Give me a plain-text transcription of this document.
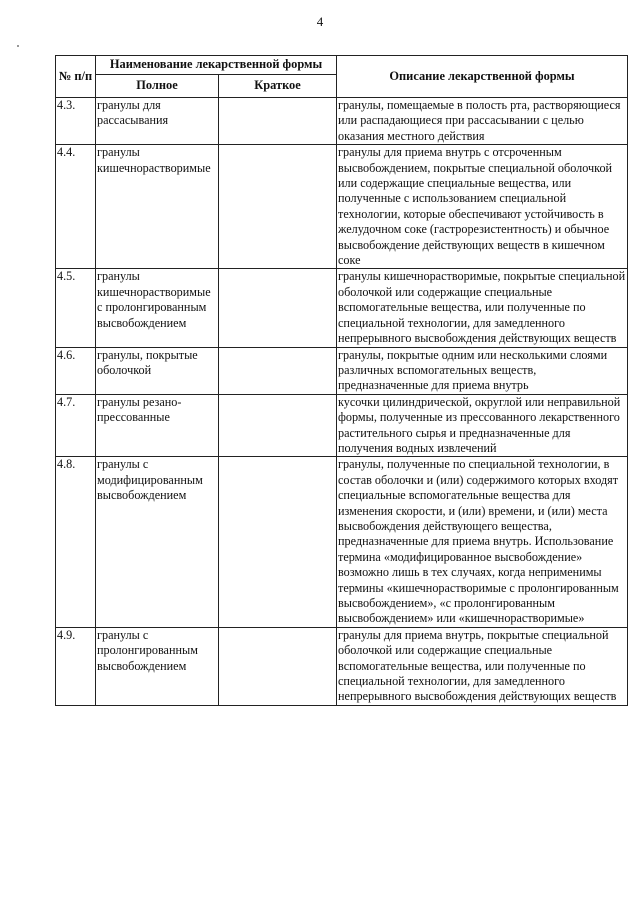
4
№ п/п	Наименование лекарственной формы		Описание лекарственной формы
	Полное	Краткое	
4.3.	гранулы для рассасывания		гранулы, помещаемые в полость рта, растворяющиеся или распадающиеся при рассасывании с целью оказания местного действия
4.4.	гранулы кишечнорастворимые		гранулы для приема внутрь с отсроченным высвобождением, покрытые специальной оболочкой или содержащие специальные вещества, или полученные с использованием специальной технологии, которые обеспечивают устойчивость в желудочном соке (гастрорезистентность) и обычное высвобождение действующих веществ в кишечном соке
4.5.	гранулы кишечнорастворимые с пролонгированным высвобождением		гранулы кишечнорастворимые, покрытые специальной оболочкой или содержащие специальные вспомогательные вещества, или полученные по специальной технологии, для замедленного непрерывного высвобождения действующих веществ
4.6.	гранулы, покрытые оболочкой		гранулы, покрытые одним или несколькими слоями различных вспомогательных веществ, предназначенные для приема внутрь
4.7.	гранулы резано-прессованные		кусочки цилиндрической, округлой или неправильной формы, полученные из прессованного лекарственного растительного сырья и предназначенные для получения водных извлечений
4.8.	гранулы с модифицированным высвобождением		гранулы, полученные по специальной технологии, в состав оболочки и (или) содержимого которых входят специальные вспомогательные вещества для изменения скорости, и (или) времени, и (или) места высвобождения действующего вещества, предназначенные для приема внутрь. Использование термина «модифицированное высвобождение» возможно лишь в тех случаях, когда неприменимы термины «кишечнорастворимые с пролонгированным высвобождением», «с пролонгированным высвобождением» или «кишечнорастворимые»
4.9.	гранулы с пролонгированным высвобождением		гранулы для приема внутрь, покрытые специальной оболочкой или содержащие специальные вспомогательные вещества, или полученные по специальной технологии, для замедленного непрерывного высвобождения действующих веществ
